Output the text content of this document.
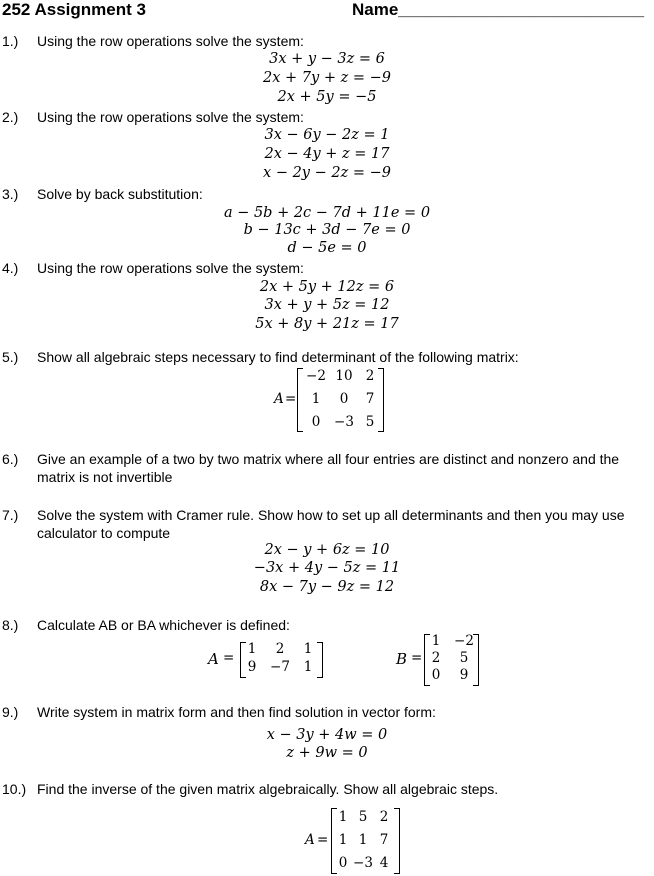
252 Assignment 3	Name__________________________
1.) Using the row operations solve the system:
3x + y − 3z = 6
2x + 7y + z = −9
2x + 5y = −5
2.) Using the row operations solve the system:
3x − 6y − 2z = 1
2x − 4y + z = 17
x − 2y − 2z = −9
3.) Solve by back substitution:
a − 5b + 2c − 7d + 11e = 0
b − 13c + 3d − 7e = 0
d − 5e = 0
4.) Using the row operations solve the system:
2x + 5y + 12z = 6
3x + y + 5z = 12
5x + 8y + 21z = 17
5.) Show all algebraic steps necessary to find determinant of the following matrix:
A =
−2 10 2
1	0	7
0	−3 5
6.) Give an example of a two by two matrix where all four entries are distinct and nonzero and the matrix is not invertible
7.) Solve the system with Cramer rule. Show how to set up all determinants and then you may use calculator to compute
2x − y + 6z = 10
−3x + 4y − 5z = 11
8x − 7y − 9z = 12
8.) Calculate AB or BA whichever is defined:
A =
1	2	1
9	−7	1	B =
1	−2
2	5
0	9
9.) Write system in matrix form and then find solution in vector form:
x − 3y + 4w = 0
z + 9w = 0
10.) Find the inverse of the given matrix algebraically. Show all algebraic steps.
A =
1 5 2
1 1 7
0 −3 4
